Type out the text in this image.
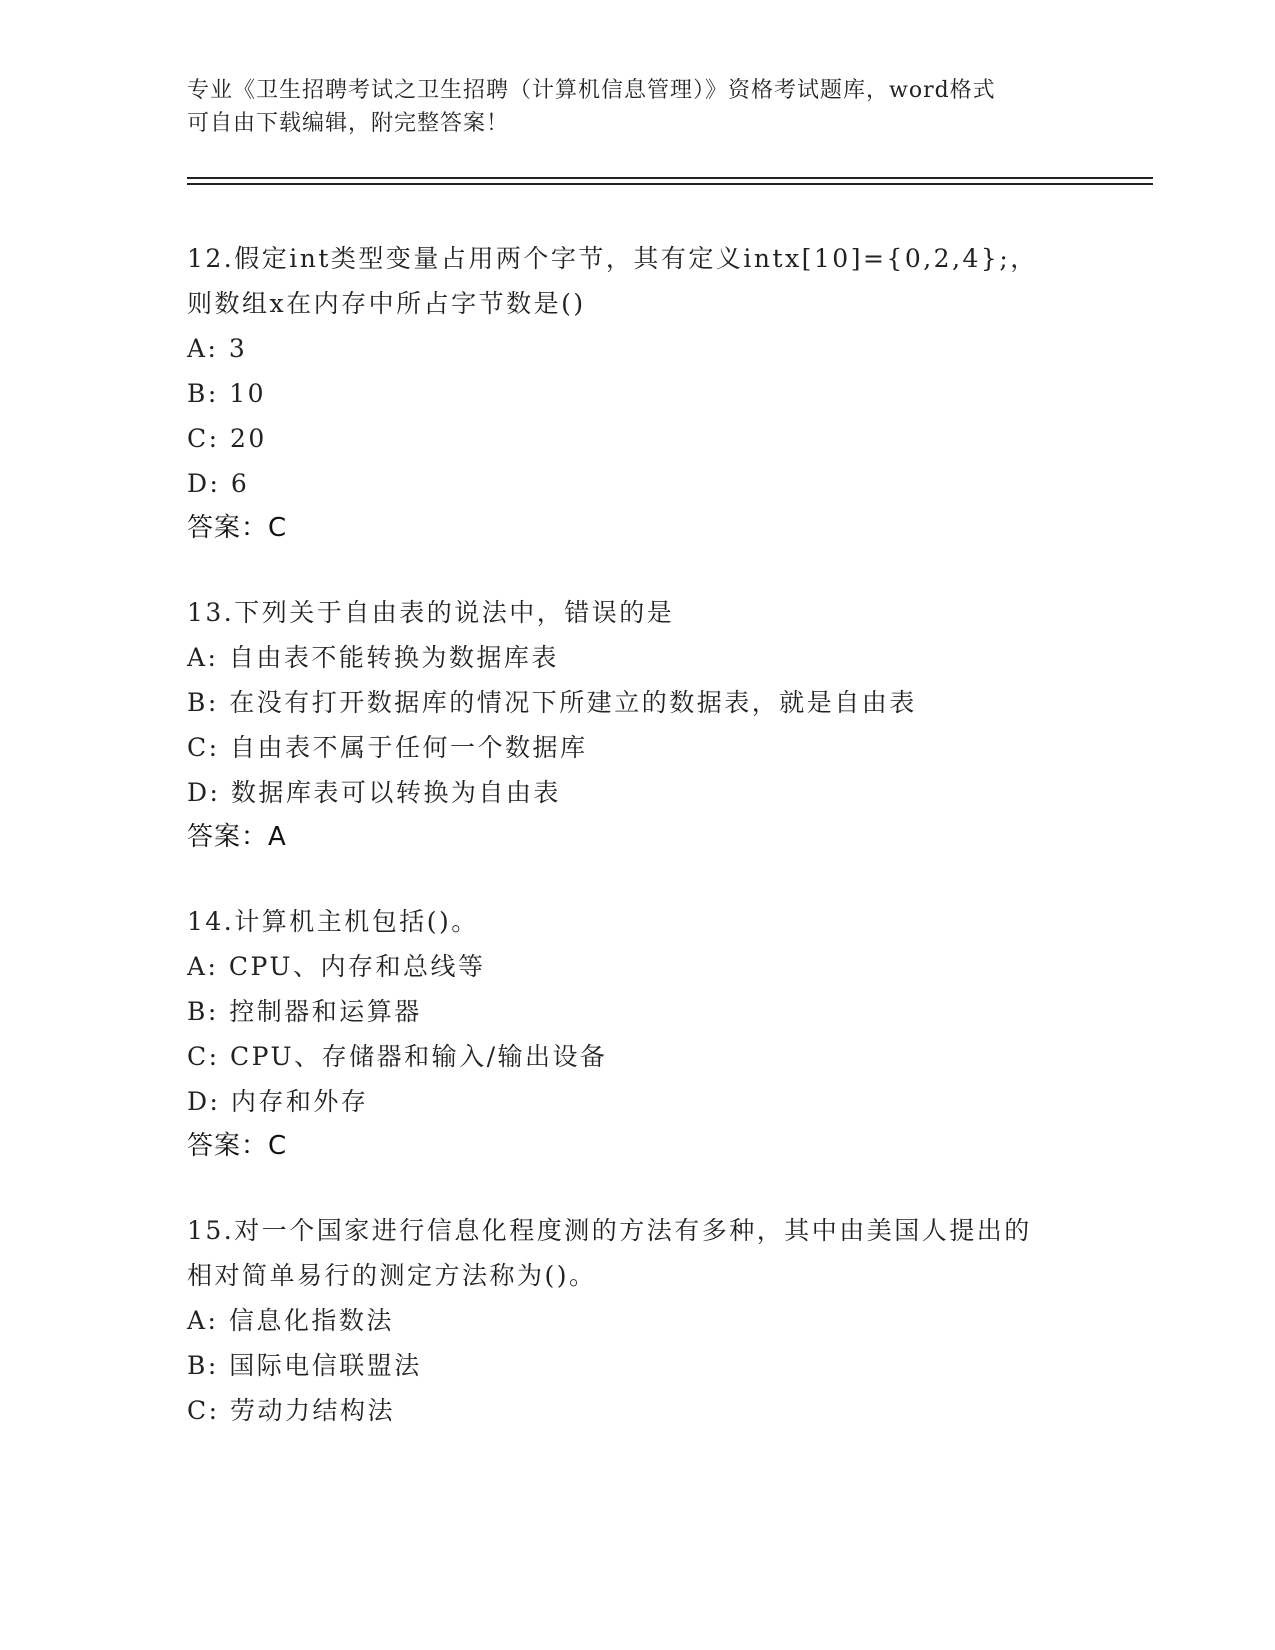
专业《卫生招聘考试之卫生招聘（计算机信息管理）》资格考试题库，word格式
可自由下载编辑，附完整答案！
12.假定int类型变量占用两个字节，其有定义intx[10]={0,2,4};，
则数组x在内存中所占字节数是()
A: 3
B: 10
C: 20
D: 6
答案：C
13.下列关于自由表的说法中，错误的是
A: 自由表不能转换为数据库表
B: 在没有打开数据库的情况下所建立的数据表，就是自由表
C: 自由表不属于任何一个数据库
D: 数据库表可以转换为自由表
答案：A
14.计算机主机包括()。
A: CPU、内存和总线等
B: 控制器和运算器
C: CPU、存储器和输入/输出设备
D: 内存和外存
答案：C
15.对一个国家进行信息化程度测的方法有多种，其中由美国人提出的
相对简单易行的测定方法称为()。
A: 信息化指数法
B: 国际电信联盟法
C: 劳动力结构法
